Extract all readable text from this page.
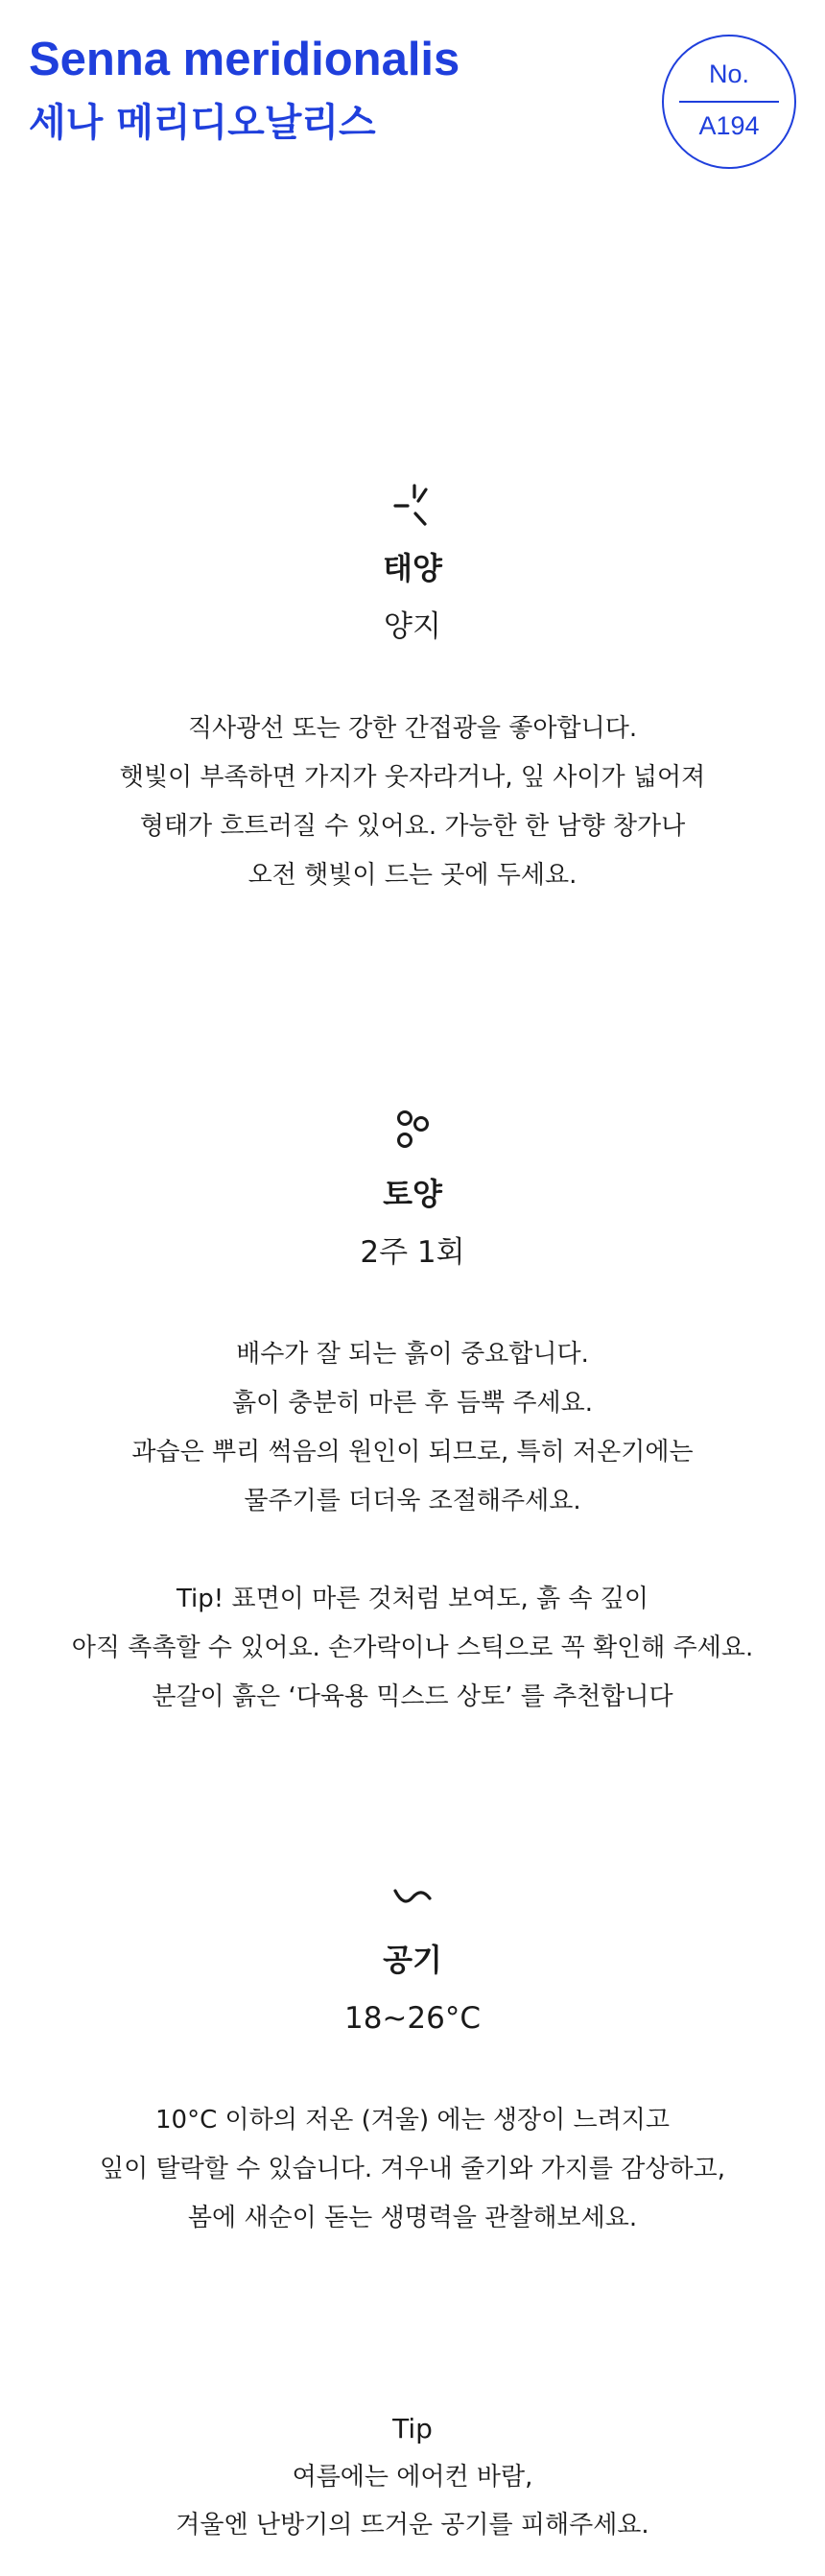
Senna meridionalis
세나 메리디오날리스
No.
A194
태양

양지

직사광선 또는 강한 간접광을 좋아합니다.
햇빛이 부족하면 가지가 웃자라거나, 잎 사이가 넓어져
형태가 흐트러질 수 있어요. 가능한 한 남향 창가나
오전 햇빛이 드는 곳에 두세요.
토양

2주 1회

배수가 잘 되는 흙이 중요합니다.
흙이 충분히 마른 후 듬뿍 주세요.
과습은 뿌리 썩음의 원인이 되므로, 특히 저온기에는
물주기를 더더욱 조절해주세요.
Tip! 표면이 마른 것처럼 보여도, 흙 속 깊이
아직 촉촉할 수 있어요. 손가락이나 스틱으로 꼭 확인해 주세요.
분갈이 흙은 ‘다육용 믹스드 상토’ 를 추천합니다
공기

18~26°C

10°C 이하의 저온 (겨울) 에는 생장이 느려지고
잎이 탈락할 수 있습니다. 겨우내 줄기와 가지를 감상하고,
봄에 새순이 돋는 생명력을 관찰해보세요.
Tip
여름에는 에어컨 바람,
겨울엔 난방기의 뜨거운 공기를 피해주세요.
